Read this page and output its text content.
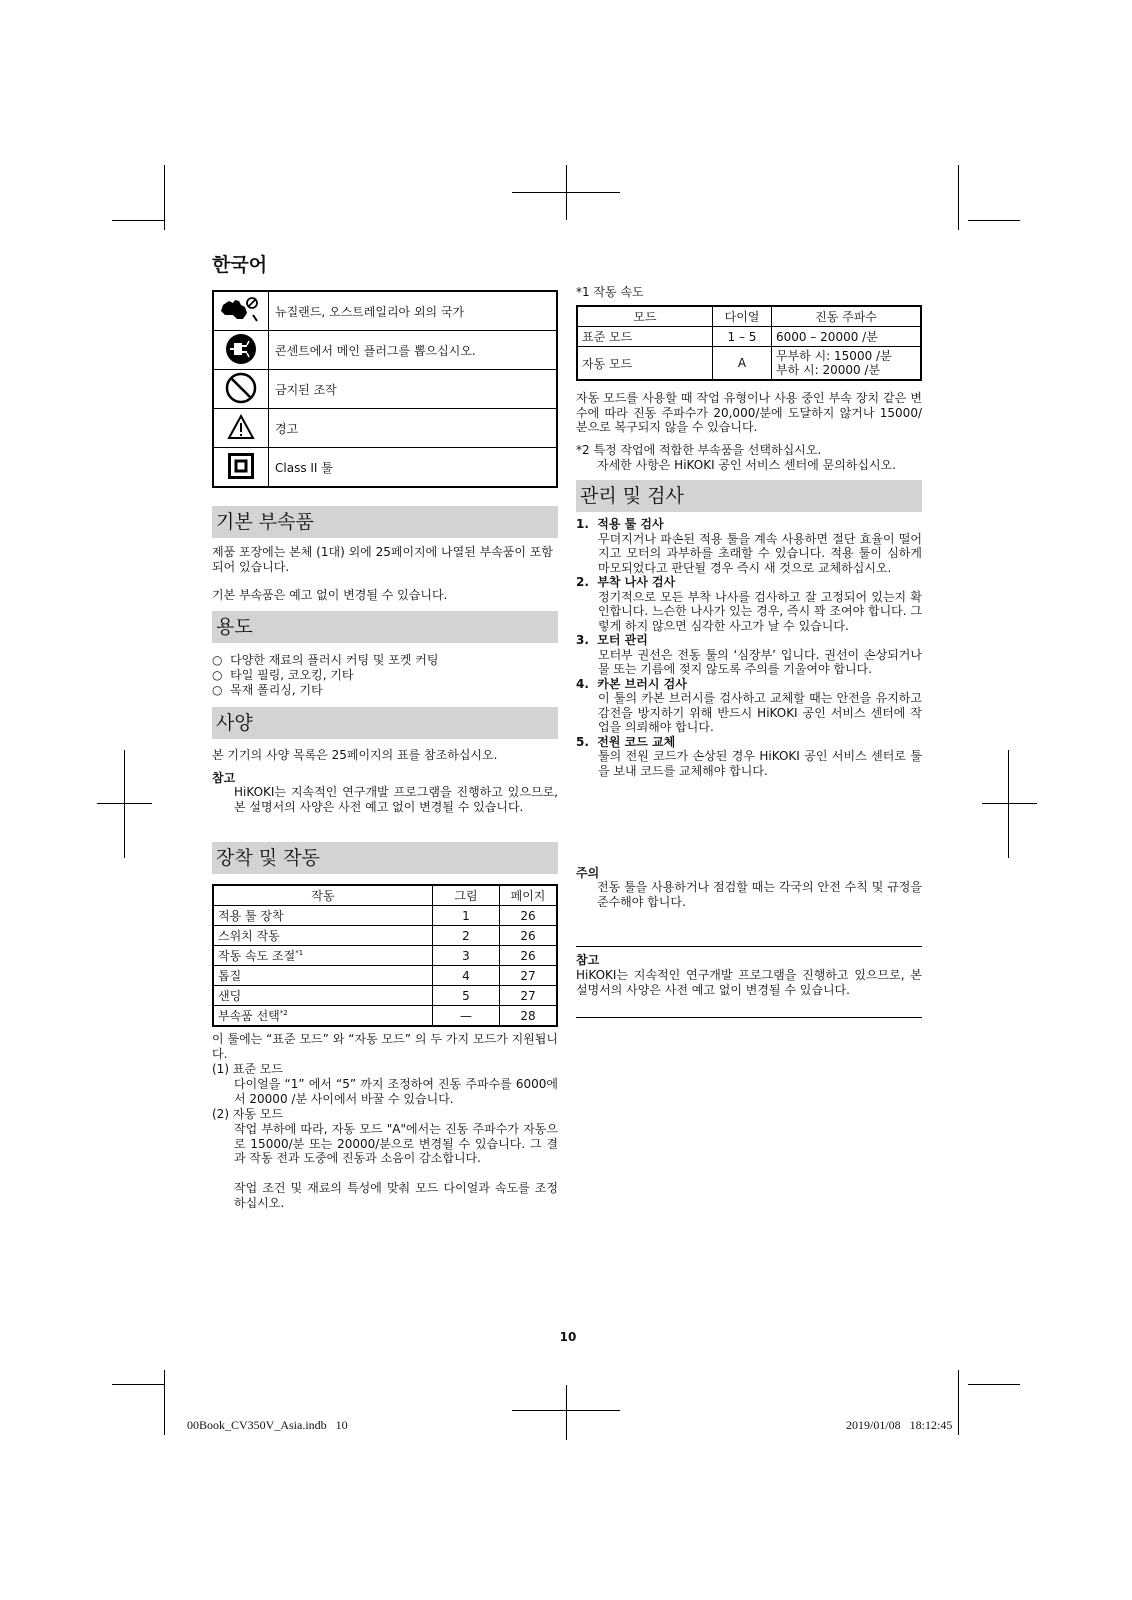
한국어
	뉴질랜드, 오스트레일리아 외의 국가
	콘센트에서 메인 플러그를 뽑으십시오.
	금지된 조작
	경고
	Class II 툴
기본 부속품
제품 포장에는 본체 (1대) 외에 25페이지에 나열된 부속품이 포함되어 있습니다.
기본 부속품은 예고 없이 변경될 수 있습니다.
용도
○ 다양한 재료의 플러시 커팅 및 포켓 커팅
○ 타일 필링, 코오킹, 기타
○ 목재 폴리싱, 기타
사양
본 기기의 사양 목록은 25페이지의 표를 참조하십시오.
참고
HiKOKI는 지속적인 연구개발 프로그램을 진행하고 있으므로, 본 설명서의 사양은 사전 예고 없이 변경될 수 있습니다.
장착 및 작동
작동	그림	페이지
적용 툴 장착	1	26
스위치 작동	2	26
작동 속도 조절$^{*1}$	3	26
톱질	4	27
샌딩	5	27
부속품 선택$^{*2}$	—	28
이 툴에는 “표준 모드” 와 “자동 모드” 의 두 가지 모드가 지원됩니다.
(1) 표준 모드
다이얼을 “1” 에서 “5” 까지 조정하여 진동 주파수를 6000에서 20000 /분 사이에서 바꿀 수 있습니다.
(2) 자동 모드
작업 부하에 따라, 자동 모드 "A"에서는 진동 주파수가 자동으로 15000/분 또는 20000/분으로 변경될 수 있습니다. 그 결과 작동 전과 도중에 진동과 소음이 감소합니다.
작업 조건 및 재료의 특성에 맞춰 모드 다이얼과 속도를 조정하십시오.
*1 작동 속도
모드	다이얼	진동 주파수
표준 모드	1 – 5	6000 – 20000 /분
자동 모드	A	무부하 시: 15000 /분
부하 시: 20000 /분
자동 모드를 사용할 때 작업 유형이나 사용 중인 부속 장치 같은 변수에 따라 진동 주파수가 20,000/분에 도달하지 않거나 15000/분으로 복구되지 않을 수 있습니다.
*2 특정 작업에 적합한 부속품을 선택하십시오.
자세한 사항은 HiKOKI 공인 서비스 센터에 문의하십시오.
관리 및 검사
1. 적용 툴 검사
무뎌지거나 파손된 적용 툴을 계속 사용하면 절단 효율이 떨어지고 모터의 과부하를 초래할 수 있습니다. 적용 툴이 심하게 마모되었다고 판단될 경우 즉시 새 것으로 교체하십시오.
2. 부착 나사 검사
정기적으로 모든 부착 나사를 검사하고 잘 고정되어 있는지 확인합니다. 느슨한 나사가 있는 경우, 즉시 꽉 조여야 합니다. 그렇게 하지 않으면 심각한 사고가 날 수 있습니다.
3. 모터 관리
모터부 권선은 전동 툴의 ‘심장부’ 입니다. 권선이 손상되거나 물 또는 기름에 젖지 않도록 주의를 기울여야 합니다.
4. 카본 브러시 검사
이 툴의 카본 브러시를 검사하고 교체할 때는 안전을 유지하고 감전을 방지하기 위해 반드시 HiKOKI 공인 서비스 센터에 작업을 의뢰해야 합니다.
5. 전원 코드 교체
툴의 전원 코드가 손상된 경우 HiKOKI 공인 서비스 센터로 툴을 보내 코드를 교체해야 합니다.
주의
전동 툴을 사용하거나 점검할 때는 각국의 안전 수칙 및 규정을 준수해야 합니다.
참고
HiKOKI는 지속적인 연구개발 프로그램을 진행하고 있으므로, 본 설명서의 사양은 사전 예고 없이 변경될 수 있습니다.
10
00Book_CV350V_Asia.indb   10	2019/01/08   18:12:45
